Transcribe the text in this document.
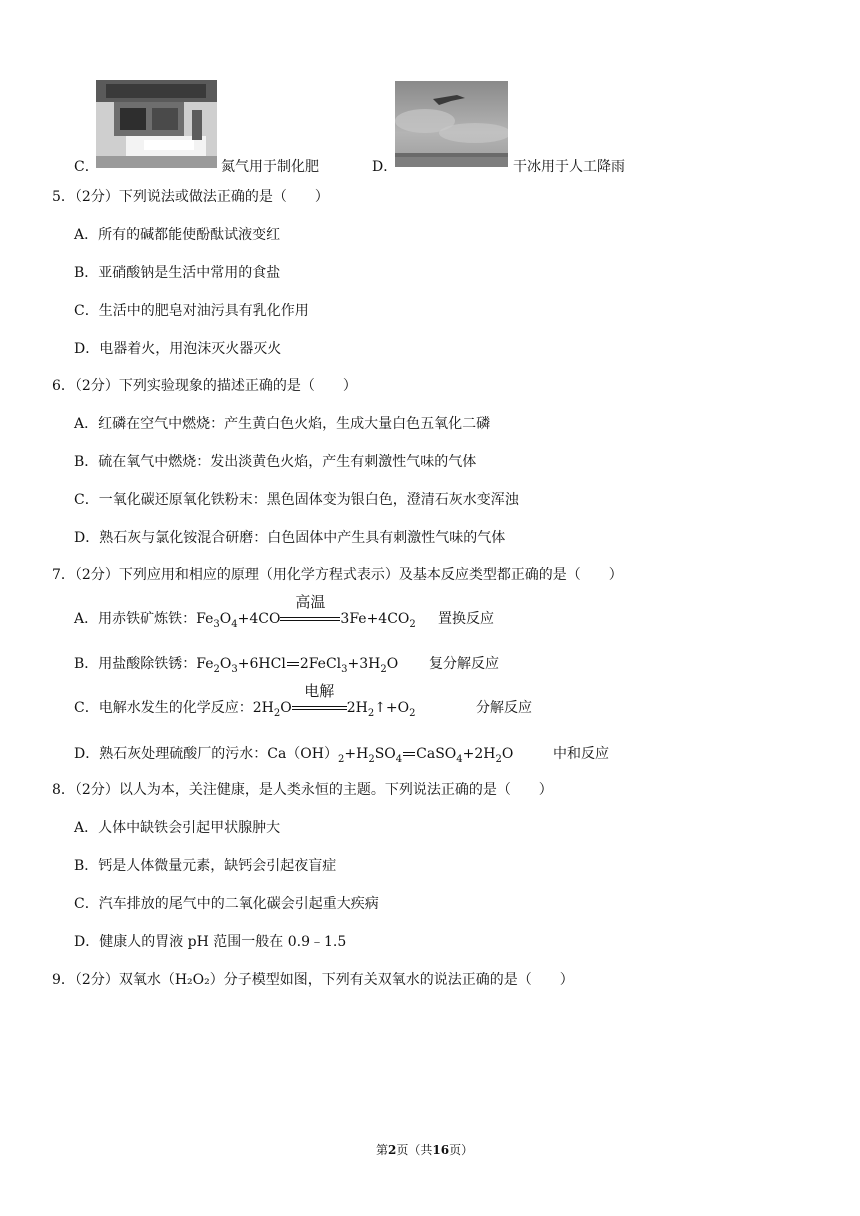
C．	氮气用于制化肥	D．	干冰用于人工降雨
5．（2分）下列说法或做法正确的是（　　）
A．所有的碱都能使酚酞试液变红
B．亚硝酸钠是生活中常用的食盐
C．生活中的肥皂对油污具有乳化作用
D．电器着火，用泡沫灭火器灭火
6．（2分）下列实验现象的描述正确的是（　　）
A．红磷在空气中燃烧：产生黄白色火焰，生成大量白色五氧化二磷
B．硫在氧气中燃烧：发出淡黄色火焰，产生有刺激性气味的气体
C．一氧化碳还原氧化铁粉末：黑色固体变为银白色，澄清石灰水变浑浊
D．熟石灰与氯化铵混合研磨：白色固体中产生具有刺激性气味的气体
7．（2分）下列应用和相应的原理（用化学方程式表示）及基本反应类型都正确的是（　　）
A．用赤铁矿炼铁：$Fe_3O_4+4CO$
高温
$3Fe+4CO_2$ 置换反应
B．用盐酸除铁锈：$Fe_2O_3+6HCl$ $2FeCl_3+3H_2O$ 复分解反应
C．电解水发生的化学反应：$2H_2O$
电解
$2H_2↑+O_2$	分解反应
D．熟石灰处理硫酸厂的污水：$Ca(OH)_2+H_2SO_4$ $CaSO_4+2H_2O$	中和反应
8．（2分）以人为本，关注健康，是人类永恒的主题。下列说法正确的是（　　）
A．人体中缺铁会引起甲状腺肿大
B．钙是人体微量元素，缺钙会引起夜盲症
C．汽车排放的尾气中的二氧化碳会引起重大疾病
D．健康人的胃液 pH 范围一般在 0.9﹣1.5
9．（2分）双氧水（H₂O₂）分子模型如图，下列有关双氧水的说法正确的是（　　）
第2页（共16页）
